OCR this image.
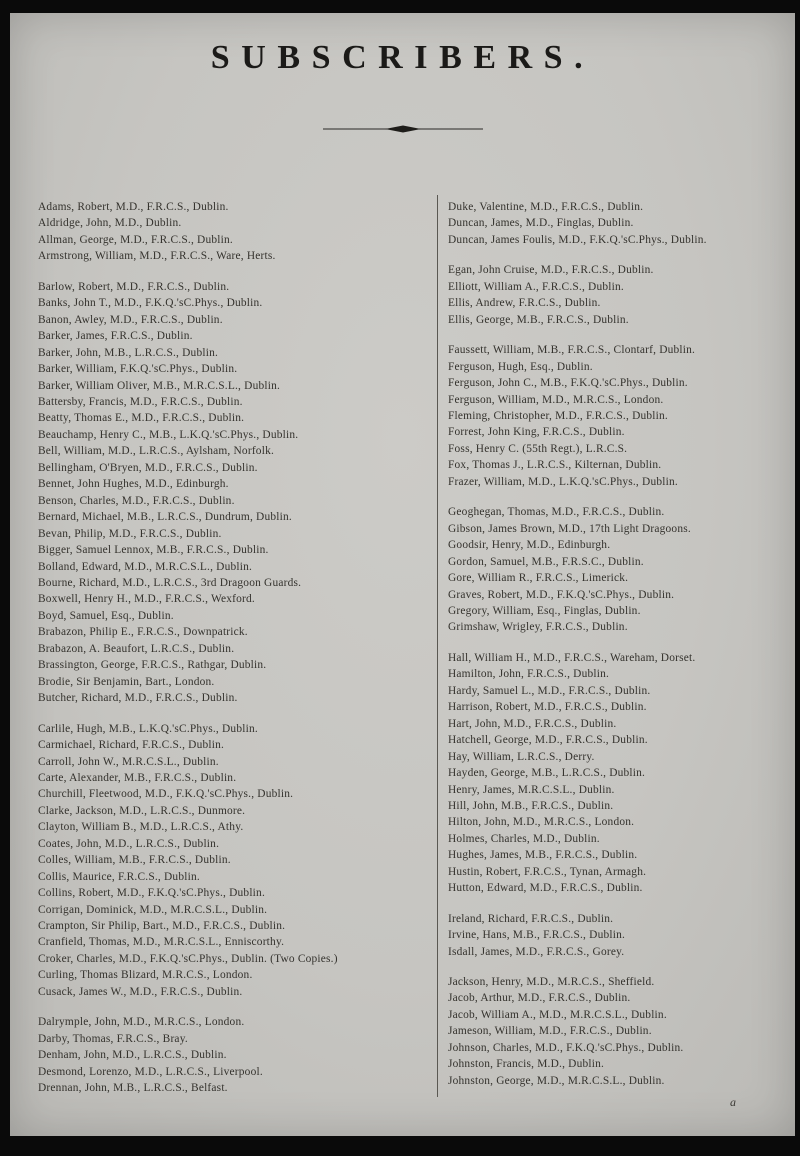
SUBSCRIBERS.
Adams, Robert, M.D., F.R.C.S., Dublin.
Aldridge, John, M.D., Dublin.
Allman, George, M.D., F.R.C.S., Dublin.
Armstrong, William, M.D., F.R.C.S., Ware, Herts.
Barlow, Robert, M.D., F.R.C.S., Dublin.
Banks, John T., M.D., F.K.Q.'sC.Phys., Dublin.
Banon, Awley, M.D., F.R.C.S., Dublin.
Barker, James, F.R.C.S., Dublin.
Barker, John, M.B., L.R.C.S., Dublin.
Barker, William, F.K.Q.'sC.Phys., Dublin.
Barker, William Oliver, M.B., M.R.C.S.L., Dublin.
Battersby, Francis, M.D., F.R.C.S., Dublin.
Beatty, Thomas E., M.D., F.R.C.S., Dublin.
Beauchamp, Henry C., M.B., L.K.Q.'sC.Phys., Dublin.
Bell, William, M.D., L.R.C.S., Aylsham, Norfolk.
Bellingham, O'Bryen, M.D., F.R.C.S., Dublin.
Bennet, John Hughes, M.D., Edinburgh.
Benson, Charles, M.D., F.R.C.S., Dublin.
Bernard, Michael, M.B., L.R.C.S., Dundrum, Dublin.
Bevan, Philip, M.D., F.R.C.S., Dublin.
Bigger, Samuel Lennox, M.B., F.R.C.S., Dublin.
Bolland, Edward, M.D., M.R.C.S.L., Dublin.
Bourne, Richard, M.D., L.R.C.S., 3rd Dragoon Guards.
Boxwell, Henry H., M.D., F.R.C.S., Wexford.
Boyd, Samuel, Esq., Dublin.
Brabazon, Philip E., F.R.C.S., Downpatrick.
Brabazon, A. Beaufort, L.R.C.S., Dublin.
Brassington, George, F.R.C.S., Rathgar, Dublin.
Brodie, Sir Benjamin, Bart., London.
Butcher, Richard, M.D., F.R.C.S., Dublin.
Carlile, Hugh, M.B., L.K.Q.'sC.Phys., Dublin.
Carmichael, Richard, F.R.C.S., Dublin.
Carroll, John W., M.R.C.S.L., Dublin.
Carte, Alexander, M.B., F.R.C.S., Dublin.
Churchill, Fleetwood, M.D., F.K.Q.'sC.Phys., Dublin.
Clarke, Jackson, M.D., L.R.C.S., Dunmore.
Clayton, William B., M.D., L.R.C.S., Athy.
Coates, John, M.D., L.R.C.S., Dublin.
Colles, William, M.B., F.R.C.S., Dublin.
Collis, Maurice, F.R.C.S., Dublin.
Collins, Robert, M.D., F.K.Q.'sC.Phys., Dublin.
Corrigan, Dominick, M.D., M.R.C.S.L., Dublin.
Crampton, Sir Philip, Bart., M.D., F.R.C.S., Dublin.
Cranfield, Thomas, M.D., M.R.C.S.L., Enniscorthy.
Croker, Charles, M.D., F.K.Q.'sC.Phys., Dublin. (Two Copies.)
Curling, Thomas Blizard, M.R.C.S., London.
Cusack, James W., M.D., F.R.C.S., Dublin.
Dalrymple, John, M.D., M.R.C.S., London.
Darby, Thomas, F.R.C.S., Bray.
Denham, John, M.D., L.R.C.S., Dublin.
Desmond, Lorenzo, M.D., L.R.C.S., Liverpool.
Drennan, John, M.B., L.R.C.S., Belfast.
Duke, Valentine, M.D., F.R.C.S., Dublin.
Duncan, James, M.D., Finglas, Dublin.
Duncan, James Foulis, M.D., F.K.Q.'sC.Phys., Dublin.
Egan, John Cruise, M.D., F.R.C.S., Dublin.
Elliott, William A., F.R.C.S., Dublin.
Ellis, Andrew, F.R.C.S., Dublin.
Ellis, George, M.B., F.R.C.S., Dublin.
Faussett, William, M.B., F.R.C.S., Clontarf, Dublin.
Ferguson, Hugh, Esq., Dublin.
Ferguson, John C., M.B., F.K.Q.'sC.Phys., Dublin.
Ferguson, William, M.D., M.R.C.S., London.
Fleming, Christopher, M.D., F.R.C.S., Dublin.
Forrest, John King, F.R.C.S., Dublin.
Foss, Henry C. (55th Regt.), L.R.C.S.
Fox, Thomas J., L.R.C.S., Kilternan, Dublin.
Frazer, William, M.D., L.K.Q.'sC.Phys., Dublin.
Geoghegan, Thomas, M.D., F.R.C.S., Dublin.
Gibson, James Brown, M.D., 17th Light Dragoons.
Goodsir, Henry, M.D., Edinburgh.
Gordon, Samuel, M.B., F.R.S.C., Dublin.
Gore, William R., F.R.C.S., Limerick.
Graves, Robert, M.D., F.K.Q.'sC.Phys., Dublin.
Gregory, William, Esq., Finglas, Dublin.
Grimshaw, Wrigley, F.R.C.S., Dublin.
Hall, William H., M.D., F.R.C.S., Wareham, Dorset.
Hamilton, John, F.R.C.S., Dublin.
Hardy, Samuel L., M.D., F.R.C.S., Dublin.
Harrison, Robert, M.D., F.R.C.S., Dublin.
Hart, John, M.D., F.R.C.S., Dublin.
Hatchell, George, M.D., F.R.C.S., Dublin.
Hay, William, L.R.C.S., Derry.
Hayden, George, M.B., L.R.C.S., Dublin.
Henry, James, M.R.C.S.L., Dublin.
Hill, John, M.B., F.R.C.S., Dublin.
Hilton, John, M.D., M.R.C.S., London.
Holmes, Charles, M.D., Dublin.
Hughes, James, M.B., F.R.C.S., Dublin.
Hustin, Robert, F.R.C.S., Tynan, Armagh.
Hutton, Edward, M.D., F.R.C.S., Dublin.
Ireland, Richard, F.R.C.S., Dublin.
Irvine, Hans, M.B., F.R.C.S., Dublin.
Isdall, James, M.D., F.R.C.S., Gorey.
Jackson, Henry, M.D., M.R.C.S., Sheffield.
Jacob, Arthur, M.D., F.R.C.S., Dublin.
Jacob, William A., M.D., M.R.C.S.L., Dublin.
Jameson, William, M.D., F.R.C.S., Dublin.
Johnson, Charles, M.D., F.K.Q.'sC.Phys., Dublin.
Johnston, Francis, M.D., Dublin.
Johnston, George, M.D., M.R.C.S.L., Dublin.
a
